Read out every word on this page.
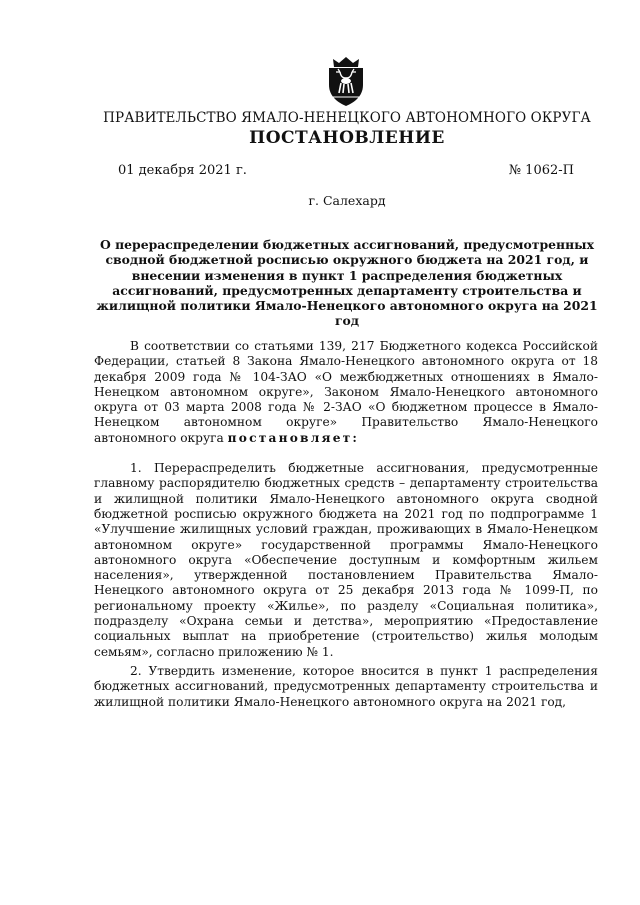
ПРАВИТЕЛЬСТВО ЯМАЛО-НЕНЕЦКОГО АВТОНОМНОГО ОКРУГА
ПОСТАНОВЛЕНИЕ
01 декабря 2021 г.	№ 1062-П
г. Салехард
О перераспределении бюджетных ассигнований, предусмотренных сводной бюджетной росписью окружного бюджета на 2021 год, и внесении изменения в пункт 1 распределения бюджетных ассигнований, предусмотренных департаменту строительства и жилищной политики Ямало-Ненецкого автономного округа на 2021 год

В соответствии со статьями 139, 217 Бюджетного кодекса Российской Федерации, статьей 8 Закона Ямало-Ненецкого автономного округа от 18 декабря 2009 года № 104-ЗАО «О межбюджетных отношениях в Ямало-Ненецком автономном округе», Законом Ямало-Ненецкого автономного округа от 03 марта 2008 года № 2-ЗАО «О бюджетном процессе в Ямало-Ненецком автономном округе» Правительство Ямало-Ненецкого автономного округа постановляет:

1. Перераспределить бюджетные ассигнования, предусмотренные главному распорядителю бюджетных средств – департаменту строительства и жилищной политики Ямало-Ненецкого автономного округа сводной бюджетной росписью окружного бюджета на 2021 год по подпрограмме 1 «Улучшение жилищных условий граждан, проживающих в Ямало-Ненецком автономном округе» государственной программы Ямало-Ненецкого автономного округа «Обеспечение доступным и комфортным жильем населения», утвержденной постановлением Правительства Ямало-Ненецкого автономного округа от 25 декабря 2013 года № 1099-П, по региональному проекту «Жилье», по разделу «Социальная политика», подразделу «Охрана семьи и детства», мероприятию «Предоставление социальных выплат на приобретение (строительство) жилья молодым семьям», согласно приложению № 1.

2. Утвердить изменение, которое вносится в пункт 1 распределения бюджетных ассигнований, предусмотренных департаменту строительства и жилищной политики Ямало-Ненецкого автономного округа на 2021 год,
